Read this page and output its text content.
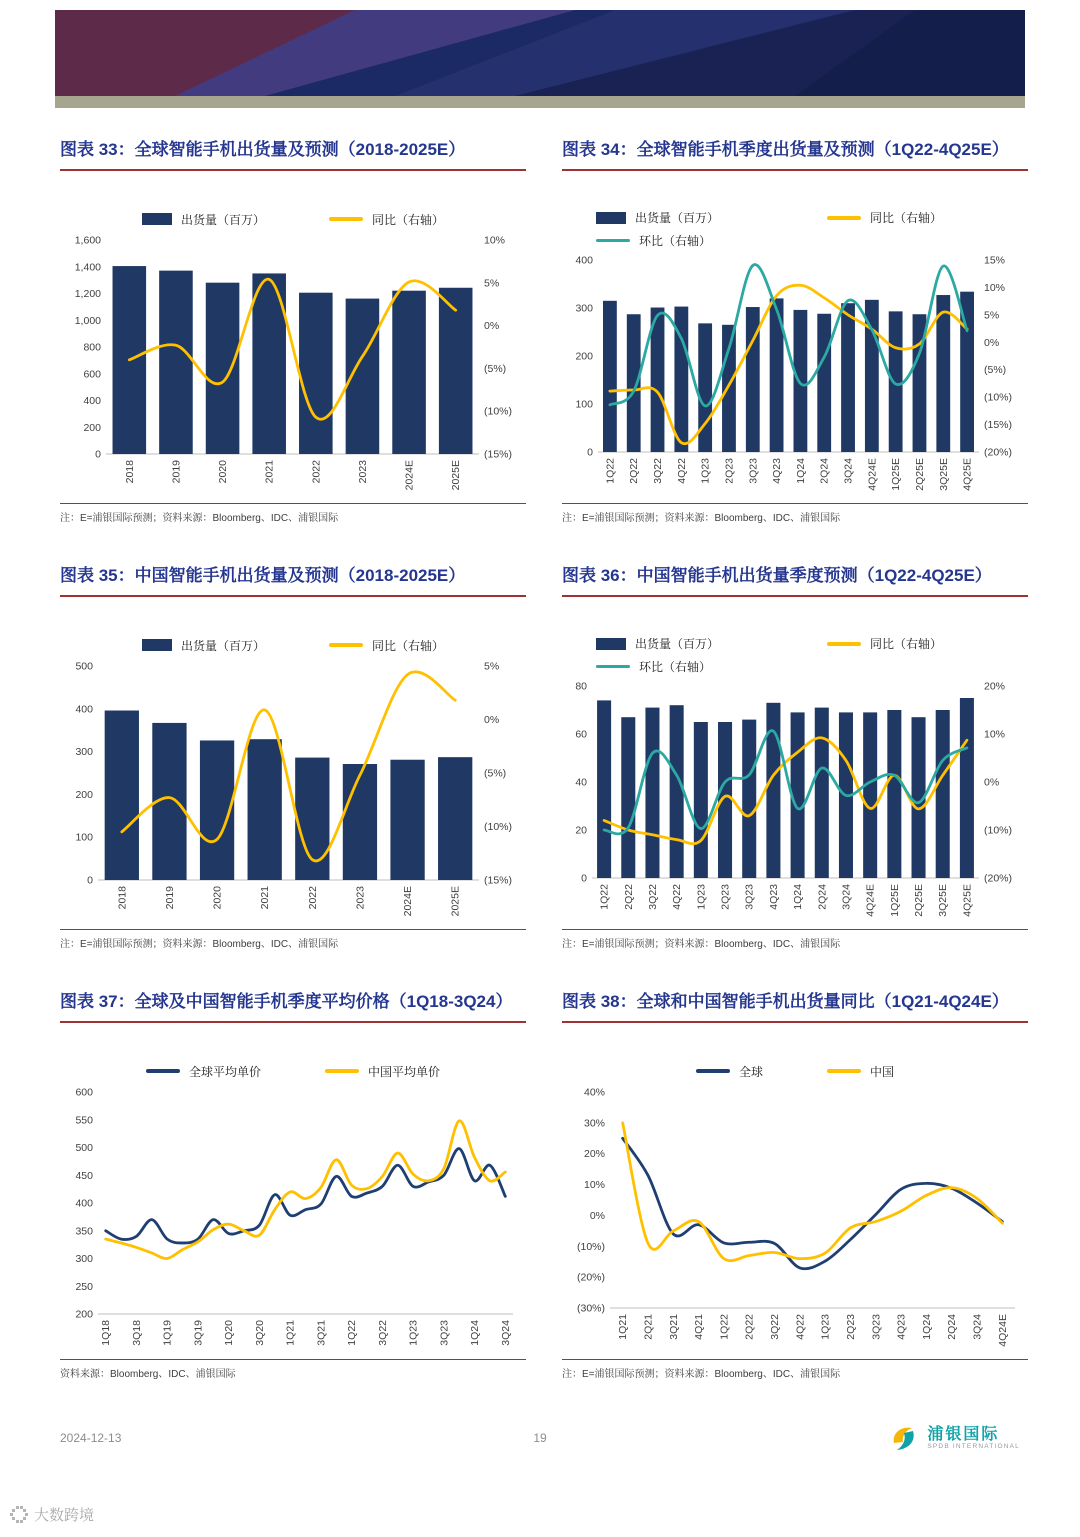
图表 33：全球智能手机出货量及预测（2018-2025E）
出货量（百万）	同比（右轴）
1,600
1,400
1,200
1,000
800
600
400
200
0
10%
5%
0%
(5%)
(10%)
(15%)
2018	2019	2020	2021	2022	2023	2024E	2025E

注：E=浦银国际预测；资料来源：Bloomberg、IDC、浦银国际

图表 34：全球智能手机季度出货量及预测（1Q22-4Q25E）
出货量（百万）	同比（右轴）
环比（右轴）
400
300
200
100
0
15%
10%
5%
0%
(5%)
(10%)
(15%)
(20%)
1Q22 2Q22 3Q22 4Q22 1Q23 2Q23 3Q23 4Q23 1Q24 2Q24 3Q24 4Q24E 1Q25E 2Q25E 3Q25E 4Q25E

注：E=浦银国际预测；资料来源：Bloomberg、IDC、浦银国际

图表 35：中国智能手机出货量及预测（2018-2025E）
出货量（百万）	同比（右轴）
500
400
300
200
100
0
5%
0%
(5%)
(10%)
(15%)
2018	2019	2020	2021	2022	2023	2024E	2025E

注：E=浦银国际预测；资料来源：Bloomberg、IDC、浦银国际

图表 36：中国智能手机出货量季度预测（1Q22-4Q25E）
出货量（百万）	同比（右轴）
环比（右轴）
80
60
40
20
0
20%
10%
0%
(10%)
(20%)
1Q22 2Q22 3Q22 4Q22 1Q23 2Q23 3Q23 4Q23 1Q24 2Q24 3Q24 4Q24E 1Q25E 2Q25E 3Q25E 4Q25E

注：E=浦银国际预测；资料来源：Bloomberg、IDC、浦银国际

图表 37：全球及中国智能手机季度平均价格（1Q18-3Q24）
全球平均单价	中国平均单价
600
550
500
450
400
350
300
250
200
1Q18 3Q18 1Q19 3Q19 1Q20 3Q20 1Q21 3Q21 1Q22 3Q22 1Q23 3Q23 1Q24 3Q24

资料来源：Bloomberg、IDC、浦银国际

图表 38：全球和中国智能手机出货量同比（1Q21-4Q24E）
全球	中国
40%
30%
20%
10%
0%
(10%)
(20%)
(30%)
1Q21 2Q21 3Q21 4Q21 1Q22 2Q22 3Q22 4Q22 1Q23 2Q23 3Q23 4Q23 1Q24 2Q24 3Q24 4Q24E

注：E=浦银国际预测；资料来源：Bloomberg、IDC、浦银国际

2024-12-13	19	浦银国际
SPDB INTERNATIONAL
大数跨境
